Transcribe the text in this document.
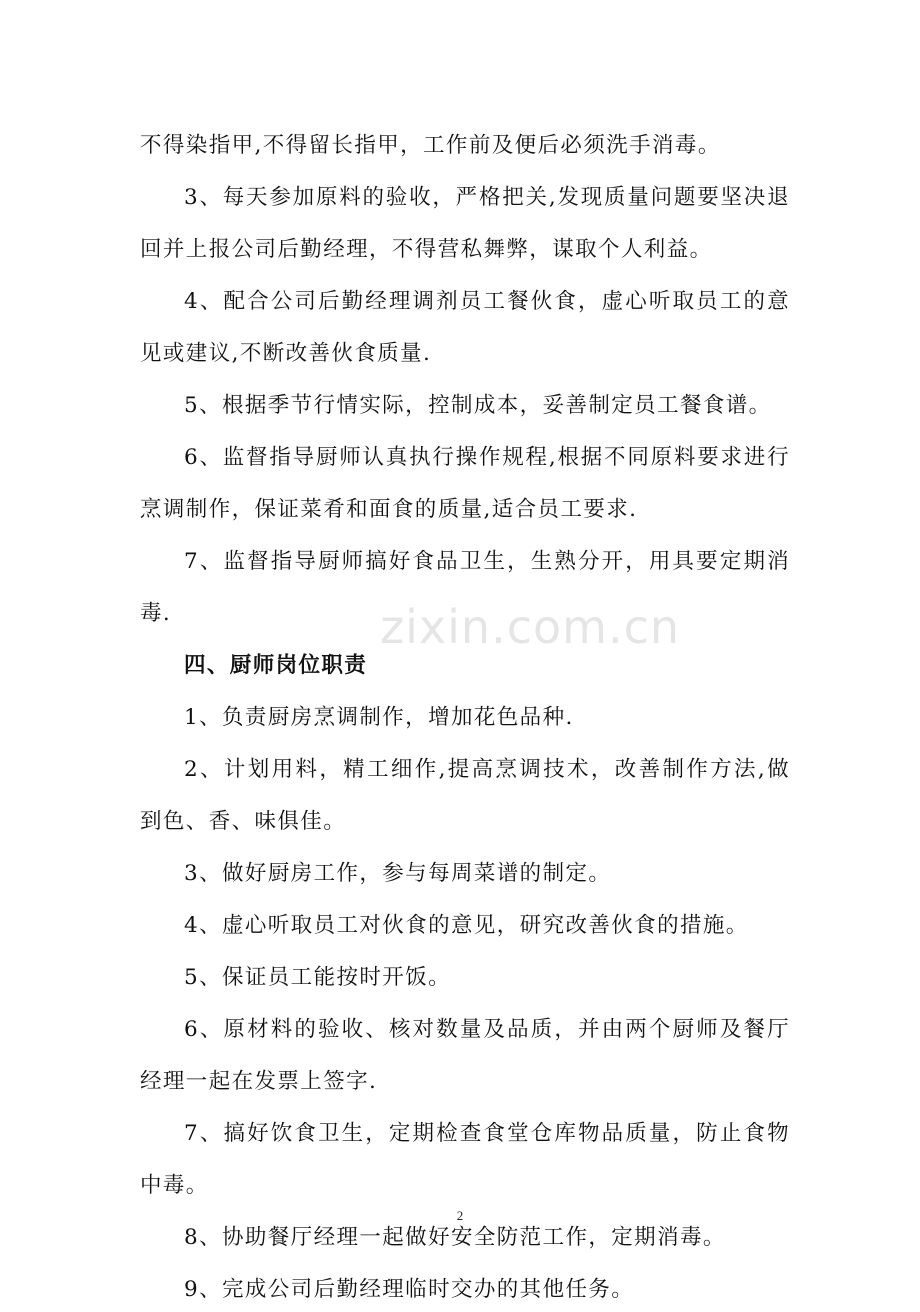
zixin.com.cn
不得染指甲,不得留长指甲，工作前及便后必须洗手消毒。
3、每天参加原料的验收，严格把关,发现质量问题要坚决退
回并上报公司后勤经理，不得营私舞弊，谋取个人利益。
4、配合公司后勤经理调剂员工餐伙食，虚心听取员工的意
见或建议,不断改善伙食质量.
5、根据季节行情实际，控制成本，妥善制定员工餐食谱。
6、监督指导厨师认真执行操作规程,根据不同原料要求进行
烹调制作，保证菜肴和面食的质量,适合员工要求.
7、监督指导厨师搞好食品卫生，生熟分开，用具要定期消
毒.
四、厨师岗位职责
1、负责厨房烹调制作，增加花色品种.
2、计划用料，精工细作,提高烹调技术，改善制作方法,做
到色、香、味俱佳。
3、做好厨房工作，参与每周菜谱的制定。
4、虚心听取员工对伙食的意见，研究改善伙食的措施。
5、保证员工能按时开饭。
6、原材料的验收、核对数量及品质，并由两个厨师及餐厅
经理一起在发票上签字.
7、搞好饮食卫生，定期检查食堂仓库物品质量，防止食物
中毒。
8、协助餐厅经理一起做好安全防范工作，定期消毒。
9、完成公司后勤经理临时交办的其他任务。
2
